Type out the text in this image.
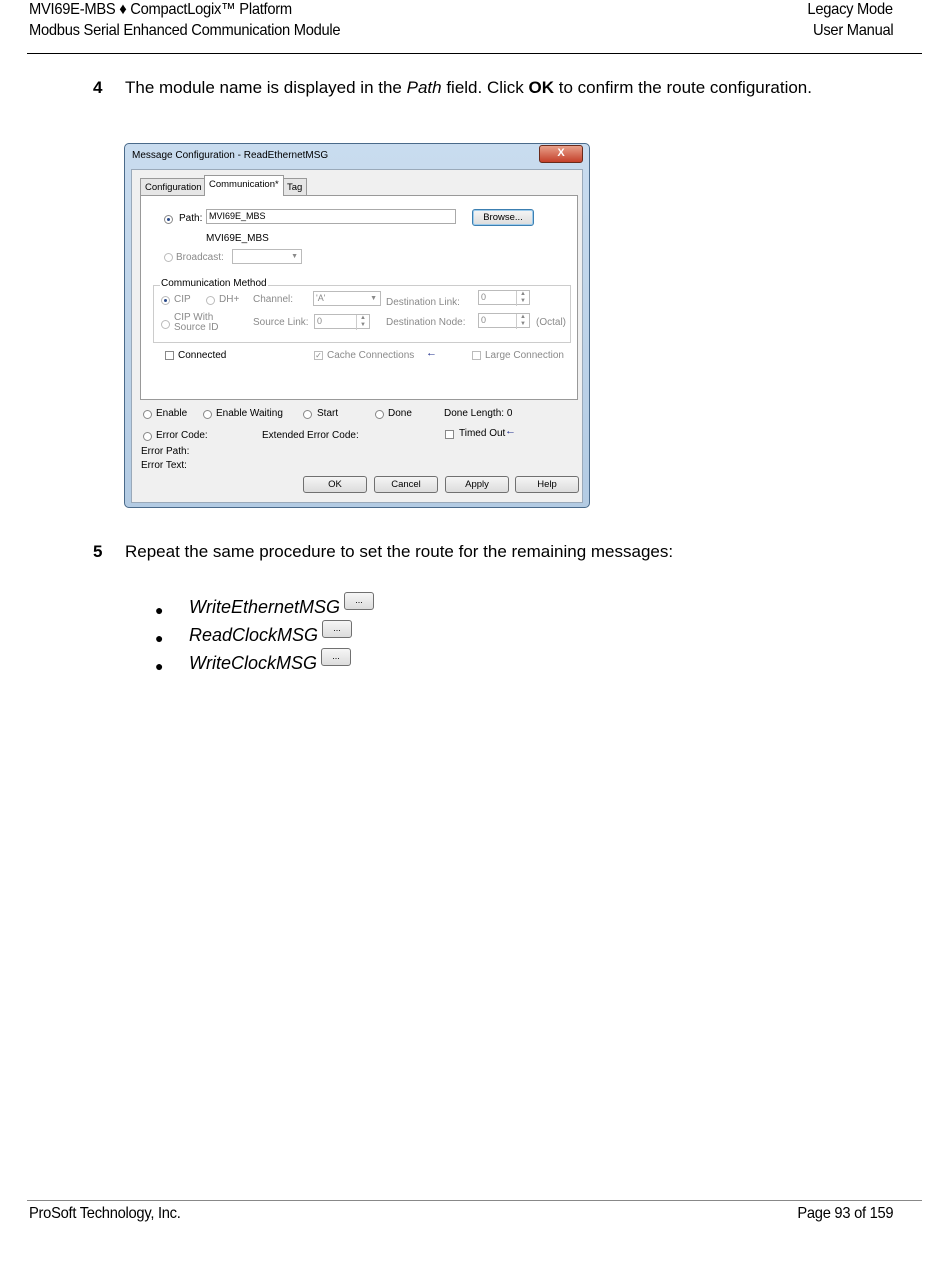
MVI69E-MBS ♦ CompactLogix™ Platform
Modbus Serial Enhanced Communication Module
Legacy Mode
User Manual
4 The module name is displayed in the Path field. Click OK to confirm the route configuration.
Message Configuration - ReadEthernetMSG	X
Configuration Communication* Tag
Path: MVI69E_MBS	Browse...
MVI69E_MBS
Broadcast:	▼
Communication Method
CIP	DH+ Channel:	'A'	▼ Destination Link:	0	▲
▼
CIP With
Source ID	Source Link: 0	▲
▼	Destination Node:	0	▲
▼	(Octal)
Connected	✓ Cache Connections ←	Large Connection
Enable	Enable Waiting	Start	Done	Done Length: 0
Error Code:	Extended Error Code:	Timed Out ←
Error Path:
Error Text:
OK	Cancel	Apply	Help
5 Repeat the same procedure to set the route for the remaining messages:
●	WriteEthernetMSG	...
●	ReadClockMSG	...
●	WriteClockMSG	...
ProSoft Technology, Inc.	Page 93 of 159
